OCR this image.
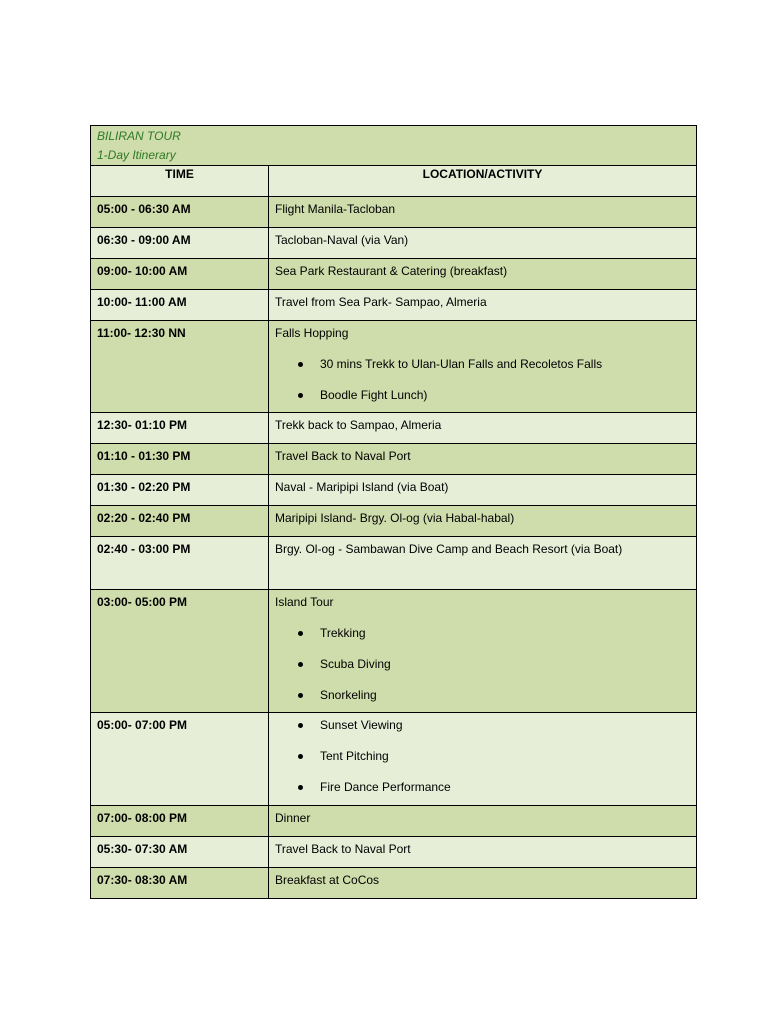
BILIRAN TOUR
1-Day Itinerary	

TIME	LOCATION/ACTIVITY
05:00 - 06:30 AM	Flight Manila-Tacloban

06:30 - 09:00 AM	Tacloban-Naval (via Van)

09:00- 10:00 AM	Sea Park Restaurant & Catering (breakfast)

10:00- 11:00 AM	Travel from Sea Park- Sampao, Almeria

11:00- 12:30 NN	Falls Hopping
30 mins Trekk to Ulan-Ulan Falls and Recoletos Falls
Boodle Fight Lunch)

12:30- 01:10 PM	Trekk back to Sampao, Almeria

01:10 - 01:30 PM	Travel Back to Naval Port

01:30 - 02:20 PM	Naval - Maripipi Island (via Boat)

02:20 - 02:40 PM	Maripipi Island- Brgy. Ol-og (via Habal-habal)

02:40 - 03:00 PM	Brgy. Ol-og - Sambawan Dive Camp and Beach Resort (via Boat)

03:00- 05:00 PM	Island Tour
Trekking
Scuba Diving
Snorkeling

05:00- 07:00 PM	Sunset Viewing
Tent Pitching
Fire Dance Performance

07:00- 08:00 PM	Dinner

05:30- 07:30 AM	Travel Back to Naval Port

07:30- 08:30 AM	Breakfast at CoCos
